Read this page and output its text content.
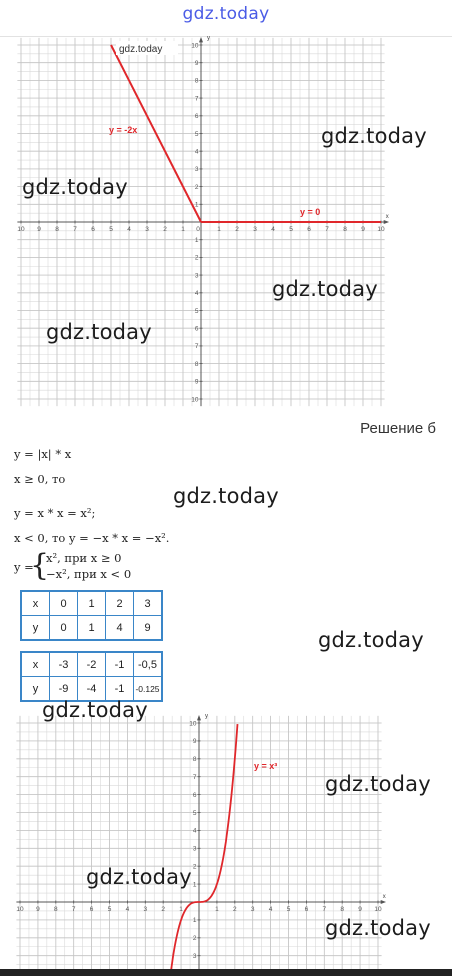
gdz.today
x
y
10 9 8 7 6 5 4 3 2 1 0	1 2 3 4 5 6 7 8 9 10
10
9
8
7
6
5
4
3
2
1
1
2
3
4
5
6
7
8
9
10
gdz.today
y = -2x
y = 0
gdz.today
gdz.today
gdz.today
gdz.today
Решение б
y = |x| * x
x ≥ 0, то
gdz.today
y = x * x = x²;
x < 0, то y = −x * x = −x².
y =
{
x², при x ≥ 0
−x², при x < 0
x	0	1	2	3
y	0	1	4	9
gdz.today
x	-3	-2	-1	-0,5
y	-9	-4	-1	-0.125
x
y
10 9 8 7 6 5 4 3 2 1	1 2 3 4 5 6 7 8 9 10
10
9
8
7
6
5
4
3
2
1
1
2
3
y = x³
gdz.today
gdz.today
gdz.today
gdz.today
